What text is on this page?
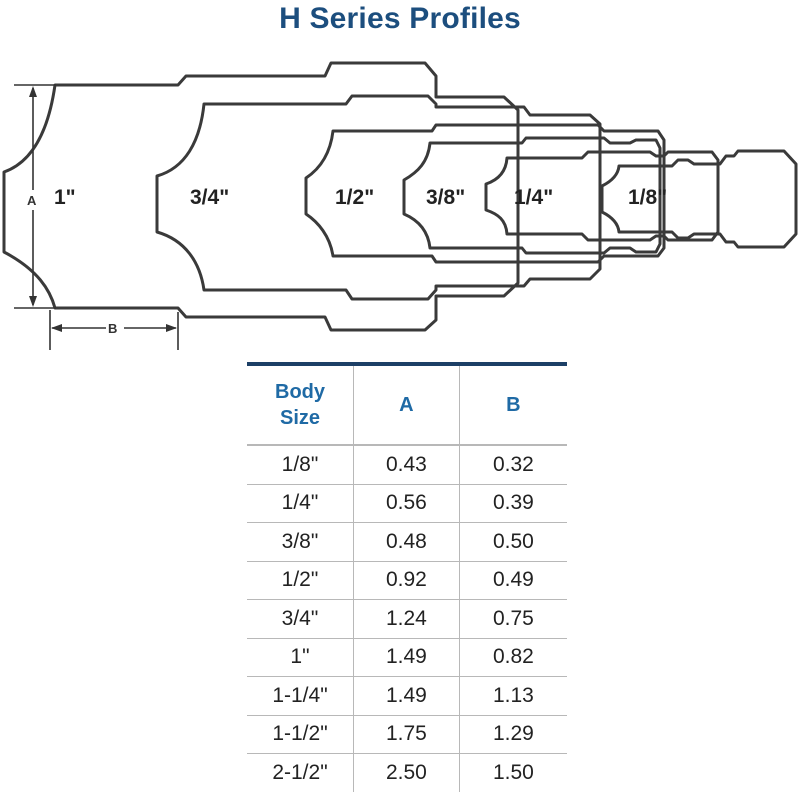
H Series Profiles
1"	3/4"	1/2" 3/8" 1/4"	1/8"
A
B
Body Size	A	B
1/8"	0.43	0.32
1/4"	0.56	0.39
3/8"	0.48	0.50
1/2"	0.92	0.49
3/4"	1.24	0.75
1"	1.49	0.82
1-1/4"	1.49	1.13
1-1/2"	1.75	1.29
2-1/2"	2.50	1.50
